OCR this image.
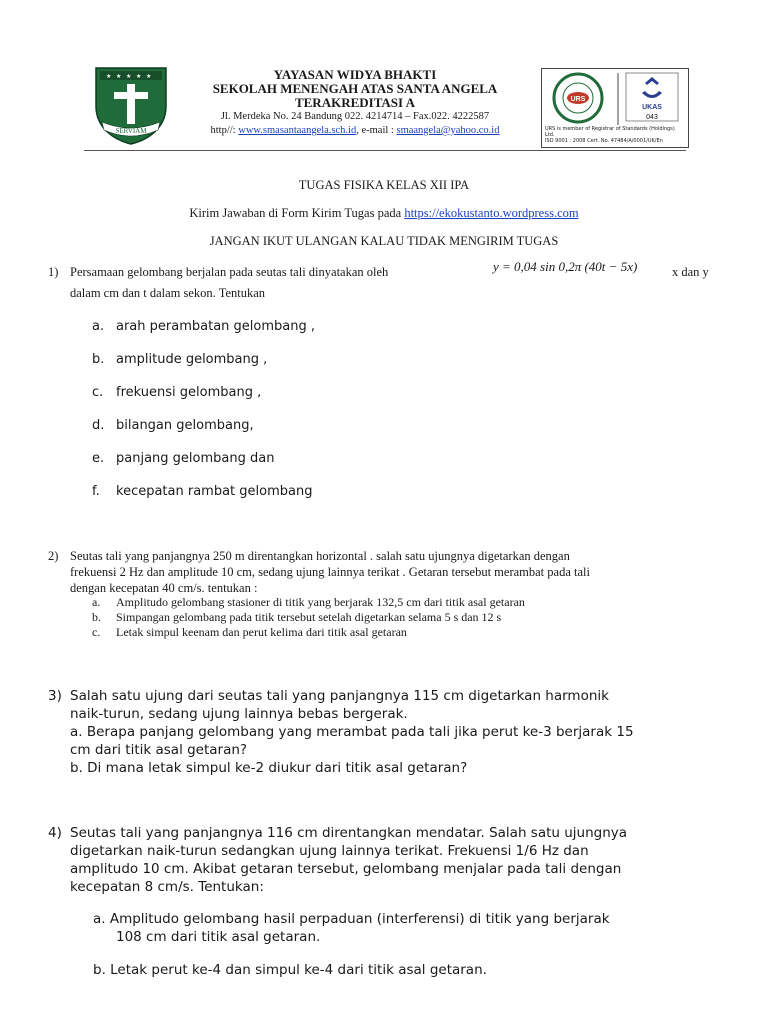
★ ★ ★ ★ ★
SERVIAM
YAYASAN WIDYA BHAKTI
SEKOLAH MENENGAH ATAS SANTA ANGELA
TERAKREDITASI A
Jl. Merdeka No. 24 Bandung 022. 4214714 – Fax.022. 4222587
http//: www.smasantaangela.sch.id, e-mail : smaangela@yahoo.co.id
URS
UKAS
043
URS is member of Registrar of Standards (Holdings) Ltd.
ISO 9001 : 2008 Cert. No. 47484/A/0001/UK/En
TUGAS FISIKA KELAS XII IPA
Kirim Jawaban di Form Kirim Tugas pada https://ekokustanto.wordpress.com
JANGAN IKUT ULANGAN KALAU TIDAK MENGIRIM TUGAS
1) Persamaan gelombang berjalan pada seutas tali dinyatakan oleh	y = 0,04 sin 0,2π (40t − 5x)	x dan y
dalam cm dan t dalam sekon. Tentukan
a. arah perambatan gelombang ,
b. amplitude gelombang ,
c. frekuensi gelombang ,
d. bilangan gelombang,
e. panjang gelombang dan
f. kecepatan rambat gelombang
2) Seutas tali yang panjangnya 250 m direntangkan horizontal . salah satu ujungnya digetarkan dengan
frekuensi 2 Hz dan amplitude 10 cm, sedang ujung lainnya terikat . Getaran tersebut merambat pada tali
dengan kecepatan 40 cm/s. tentukan :
a. Amplitudo gelombang stasioner di titik yang berjarak 132,5 cm dari titik asal getaran
b. Simpangan gelombang pada titik tersebut setelah digetarkan selama 5 s dan 12 s
c. Letak simpul keenam dan perut kelima dari titik asal getaran
3) Salah satu ujung dari seutas tali yang panjangnya 115 cm digetarkan harmonik
naik-turun, sedang ujung lainnya bebas bergerak.
a. Berapa panjang gelombang yang merambat pada tali jika perut ke-3 berjarak 15
cm dari titik asal getaran?
b. Di mana letak simpul ke-2 diukur dari titik asal getaran?
4) Seutas tali yang panjangnya 116 cm direntangkan mendatar. Salah satu ujungnya
digetarkan naik-turun sedangkan ujung lainnya terikat. Frekuensi 1/6 Hz dan
amplitudo 10 cm. Akibat getaran tersebut, gelombang menjalar pada tali dengan
kecepatan 8 cm/s. Tentukan:
a. Amplitudo gelombang hasil perpaduan (interferensi) di titik yang berjarak
108 cm dari titik asal getaran.
b. Letak perut ke-4 dan simpul ke-4 dari titik asal getaran.
